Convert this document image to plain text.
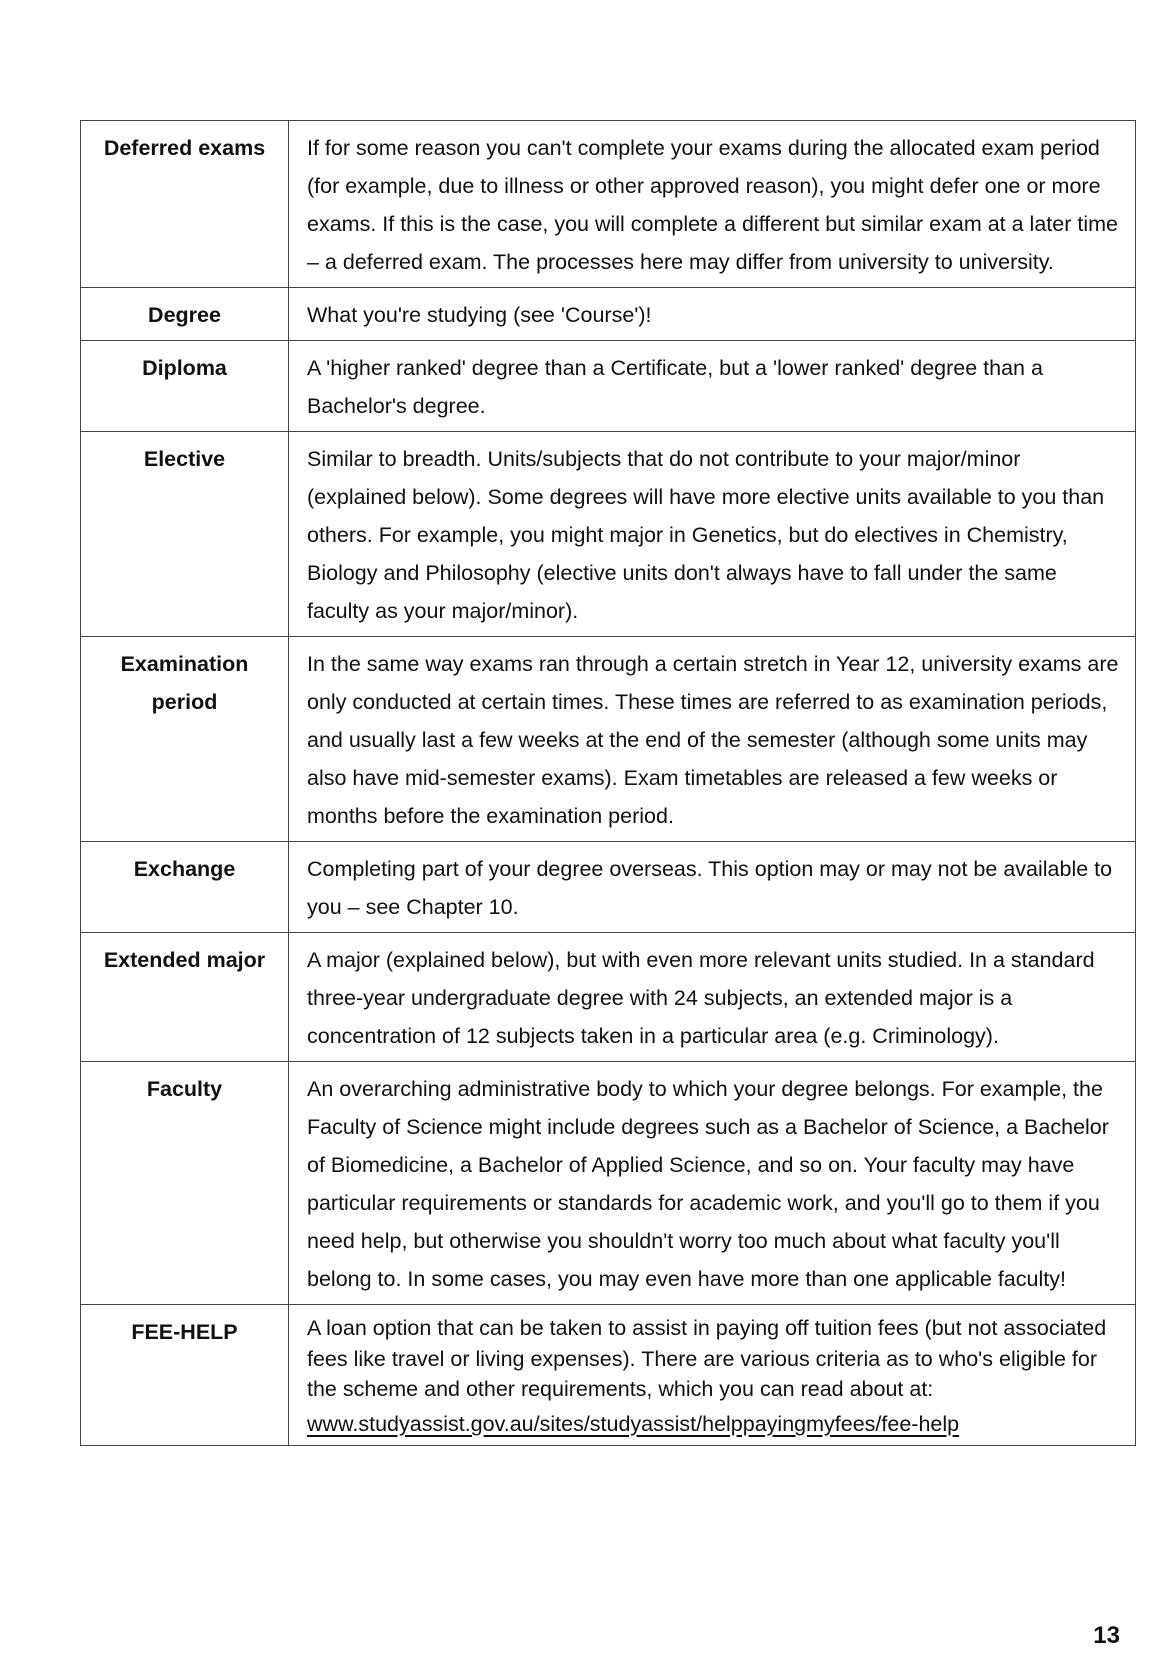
Deferred exams	If for some reason you can't complete your exams during the allocated exam period (for example, due to illness or other approved reason), you might defer one or more exams. If this is the case, you will complete a different but similar exam at a later time – a deferred exam. The processes here may differ from university to university.

Degree	What you're studying (see 'Course')!

Diploma	A 'higher ranked' degree than a Certificate, but a 'lower ranked' degree than a Bachelor's degree.

Elective	Similar to breadth. Units/subjects that do not contribute to your major/minor (explained below). Some degrees will have more elective units available to you than others. For example, you might major in Genetics, but do electives in Chemistry, Biology and Philosophy (elective units don't always have to fall under the same faculty as your major/minor).

Examination period	In the same way exams ran through a certain stretch in Year 12, university exams are only conducted at certain times. These times are referred to as examination periods, and usually last a few weeks at the end of the semester (although some units may also have mid-semester exams). Exam timetables are released a few weeks or months before the examination period.

Exchange	Completing part of your degree overseas. This option may or may not be available to you – see Chapter 10.

Extended major	A major (explained below), but with even more relevant units studied. In a standard three-year undergraduate degree with 24 subjects, an extended major is a concentration of 12 subjects taken in a particular area (e.g. Criminology).

Faculty	An overarching administrative body to which your degree belongs. For example, the Faculty of Science might include degrees such as a Bachelor of Science, a Bachelor of Biomedicine, a Bachelor of Applied Science, and so on. Your faculty may have particular requirements or standards for academic work, and you'll go to them if you need help, but otherwise you shouldn't worry too much about what faculty you'll belong to. In some cases, you may even have more than one applicable faculty!

FEE-HELP	A loan option that can be taken to assist in paying off tuition fees (but not associated fees like travel or living expenses). There are various criteria as to who's eligible for the scheme and other requirements, which you can read about at:
www.studyassist.gov.au/sites/studyassist/helppayingmyfees/fee-help
13
